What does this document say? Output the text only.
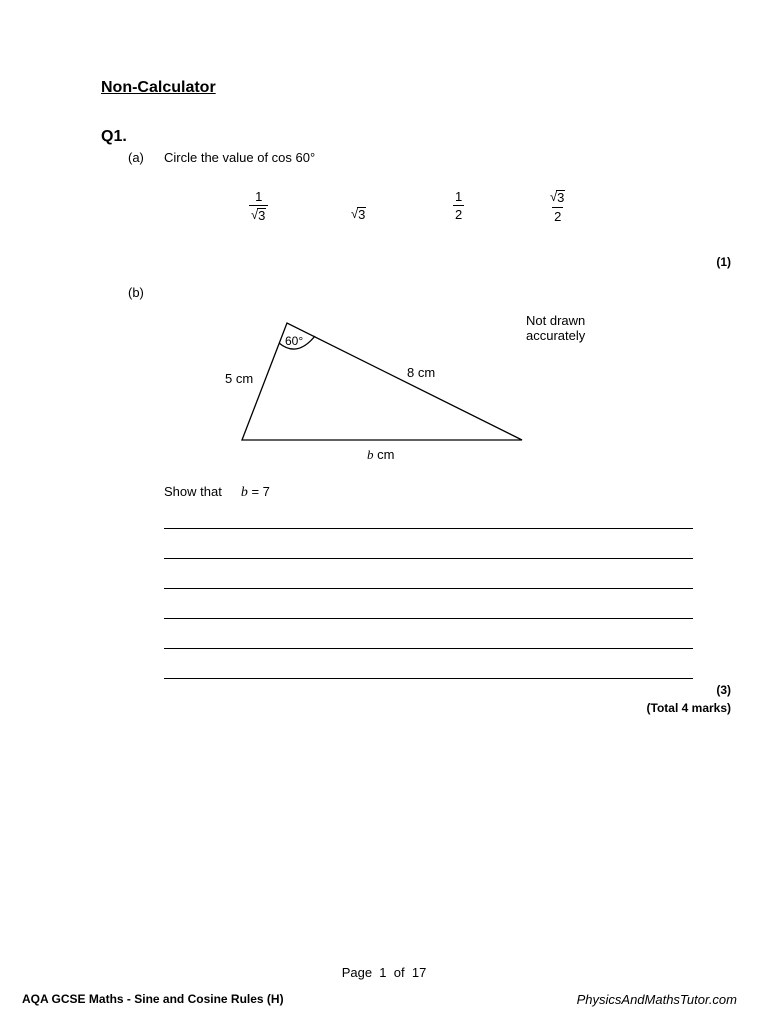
Non-Calculator
Q1.
(a) Circle the value of cos 60°
$\frac{1}{√ 3}$	√ 3	$\frac{1}{2}$	$\frac{√ 3}{2}$
(1)
(b)
60°
5 cm	8 cm
b cm
Not drawn
accurately
Show that b = 7
(3)
(Total 4 marks)
Page 1 of 17
AQA GCSE Maths - Sine and Cosine Rules (H)	PhysicsAndMathsTutor.com
